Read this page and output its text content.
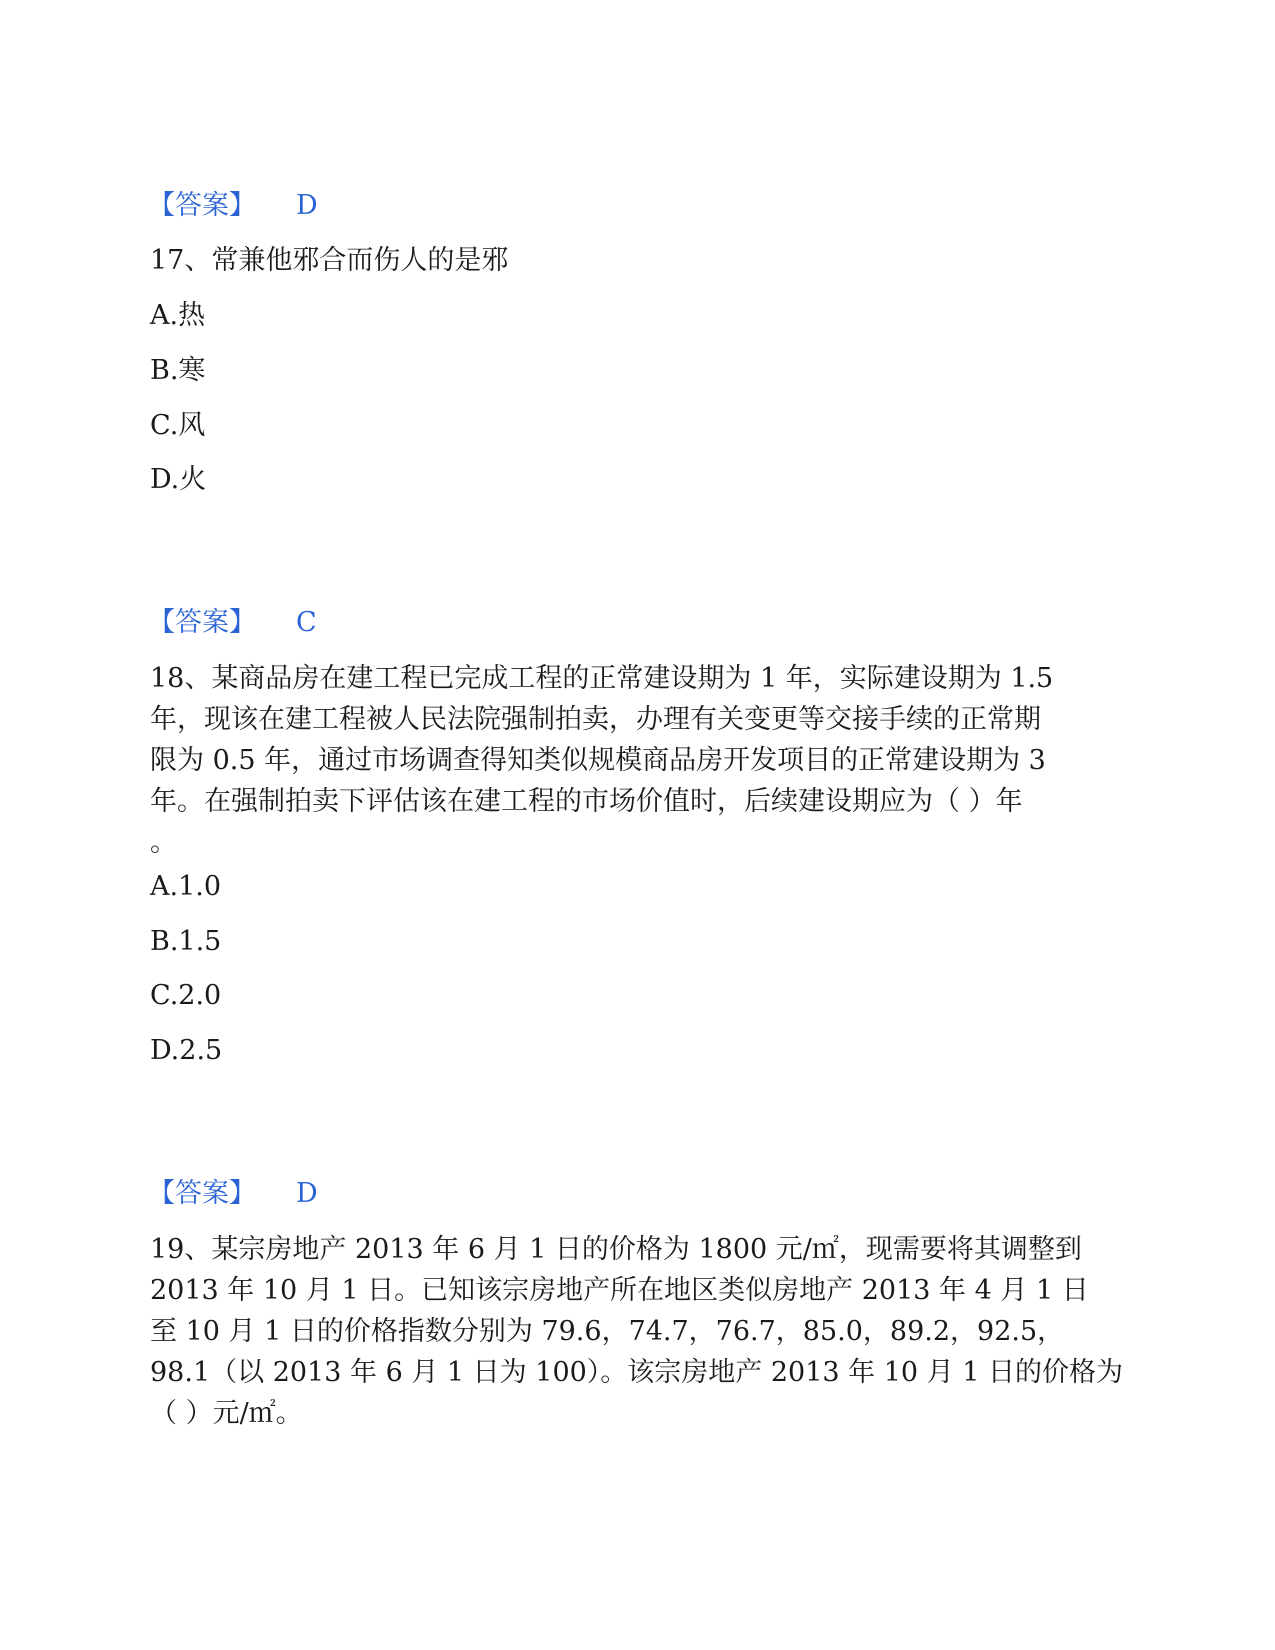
【答案】 D
17、常兼他邪合而伤人的是邪
A.热
B.寒
C.风
D.火
【答案】 C
18、某商品房在建工程已完成工程的正常建设期为 1 年，实际建设期为 1.5
年，现该在建工程被人民法院强制拍卖，办理有关变更等交接手续的正常期
限为 0.5 年，通过市场调查得知类似规模商品房开发项目的正常建设期为 3
年。在强制拍卖下评估该在建工程的市场价值时，后续建设期应为（ ）年
。
A.1.0
B.1.5
C.2.0
D.2.5
【答案】 D
19、某宗房地产 2013 年 6 月 1 日的价格为 1800 元/㎡，现需要将其调整到
2013 年 10 月 1 日。已知该宗房地产所在地区类似房地产 2013 年 4 月 1 日
至 10 月 1 日的价格指数分别为 79.6，74.7，76.7，85.0，89.2，92.5，
98.1（以 2013 年 6 月 1 日为 100）。该宗房地产 2013 年 10 月 1 日的价格为
（ ）元/㎡。
